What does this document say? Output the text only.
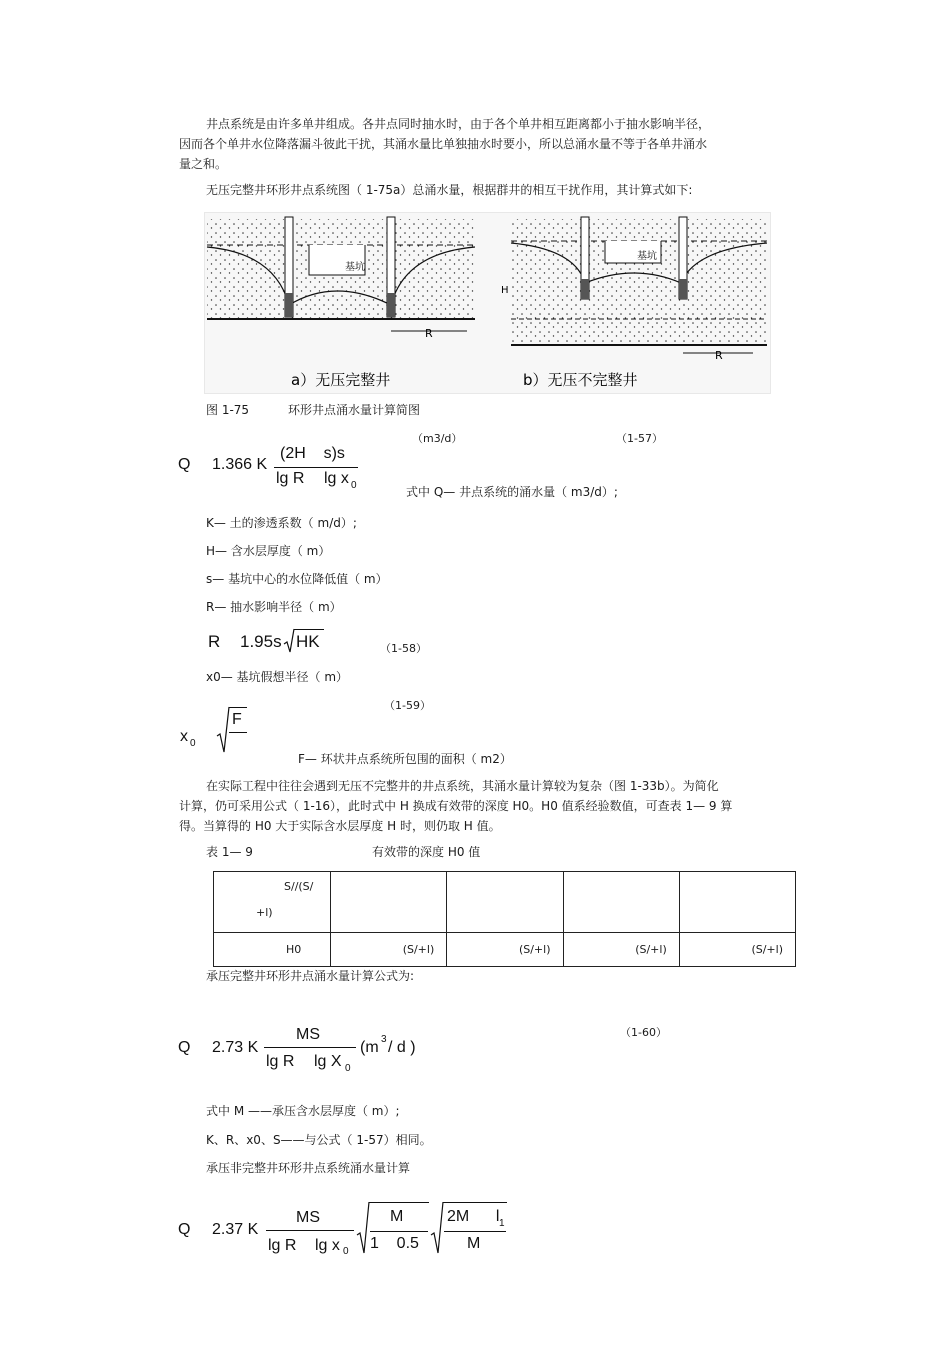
井点系统是由许多单井组成。各井点同时抽水时，由于各个单井相互距离都小于抽水影响半径，
因而各个单井水位降落漏斗彼此干扰，其涌水量比单独抽水时要小，所以总涌水量不等于各单井涌水
量之和。
无压完整井环形井点系统图（ 1-75a）总涌水量，根据群井的相互干扰作用，其计算式如下:
基坑
R
基坑
H
R
a）无压完整井	b）无压不完整井
图 1-75	环形井点涌水量计算简图
（m3/d）	（1-57）
Q 1.366 K
(2H    s)s
lg R lg x 0	式中 Q— 井点系统的涌水量（ m3/d）;
K— 土的渗透系数（ m/d）;
H— 含水层厚度（ m）
s— 基坑中心的水位降低值（ m）
R— 抽水影响半径（ m）
R 1.95s HK	（1-58）
x0— 基坑假想半径（ m）
（1-59）
x 0
F
F— 环状井点系统所包围的面积（ m2）
在实际工程中往往会遇到无压不完整井的井点系统，其涌水量计算较为复杂（图 1-33b）。为简化
计算，仍可采用公式（ 1-16），此时式中 H 换成有效带的深度 H0。H0 值系经验数值，可查表 1— 9 算
得。当算得的 H0 大于实际含水层厚度 H 时，则仍取 H 值。
表 1— 9	有效带的深度 H0 值
S//(S/
+l)				

H0	(S/+l)	(S/+l)	(S/+l)	(S/+l)
承压完整井环形井点涌水量计算公式为:
（1-60）
Q 2.73 K
MS
lg R lg X 0
(m 3 / d )
式中 M ——承压含水层厚度（ m）;
K、R、x0、S——与公式（ 1-57）相同。
承压非完整井环形井点系统涌水量计算
Q 2.37 K
MS
lg R lg x 0
M
1    0.5
2M      l 1
M
